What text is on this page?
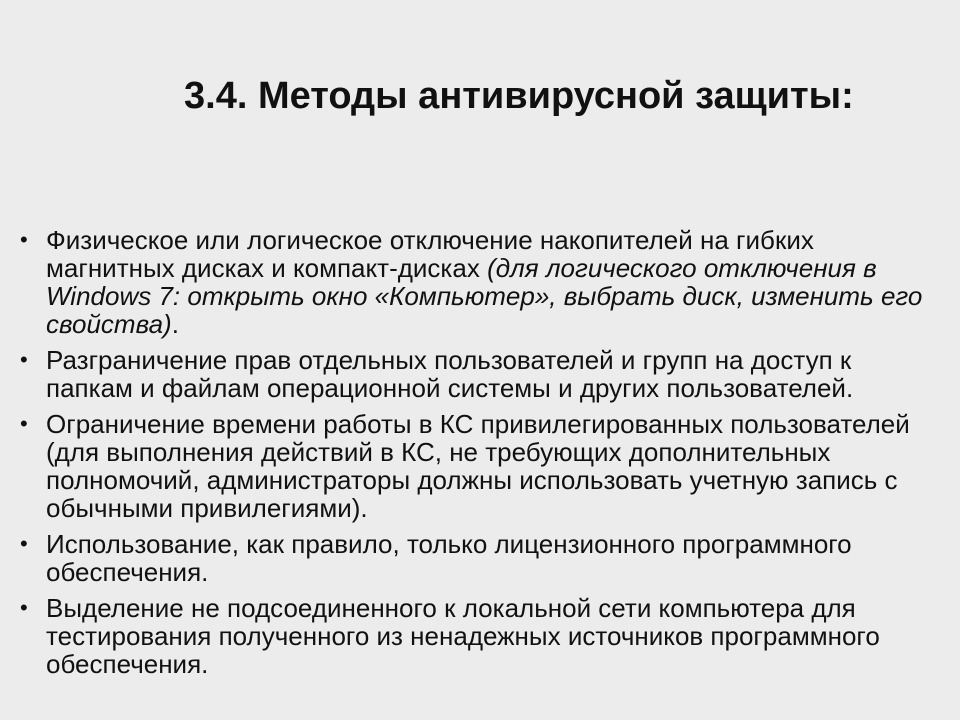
3.4. Методы антивирусной защиты:
• Физическое или логическое отключение накопителей на гибких магнитных дисках и компакт-дисках (для логического отключения в Windows 7: открыть окно «Компьютер», выбрать диск, изменить его свойства).
• Разграничение прав отдельных пользователей и групп на доступ к папкам и файлам операционной системы и других пользователей.
• Ограничение времени работы в КС привилегированных пользователей (для выполнения действий в КС, не требующих дополнительных полномочий, администраторы должны использовать учетную запись с обычными привилегиями).
• Использование, как правило, только лицензионного программного обеспечения.
• Выделение не подсоединенного к локальной сети компьютера для тестирования полученного из ненадежных источников программного обеспечения.
